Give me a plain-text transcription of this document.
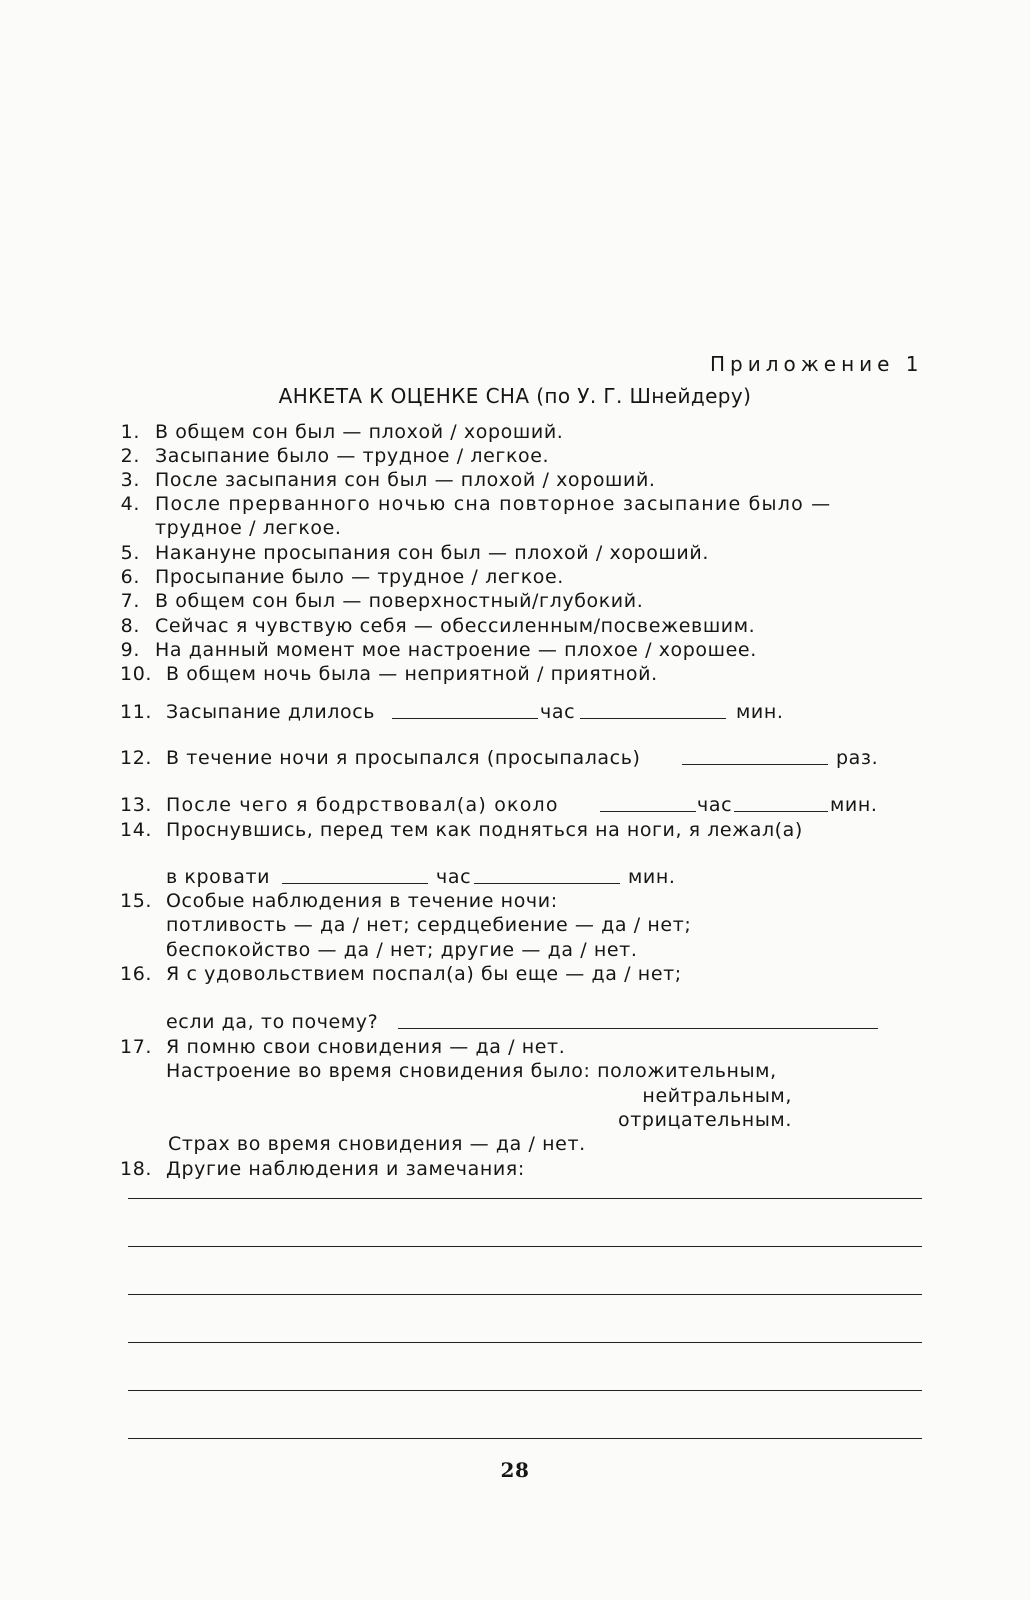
Приложение 1
АНКЕТА К ОЦЕНКЕ СНА (по У. Г. Шнейдеру)
1. В общем сон был — плохой / хороший.
2. Засыпание было — трудное / легкое.
3. После засыпания сон был — плохой / хороший.
4. После прерванного ночью сна повторное засыпание было —
трудное / легкое.
5. Накануне просыпания сон был — плохой / хороший.
6. Просыпание было — трудное / легкое.
7. В общем сон был — поверхностный/глубокий.
8. Сейчас я чувствую себя — обессиленным/посвежевшим.
9. На данный момент мое настроение — плохое / хорошее.
10. В общем ночь была — неприятной / приятной.
11. Засыпание длилось	час	мин.
12. В течение ночи я просыпался (просыпалась)	раз.
13. После чего я бодрствовал(а) около	час	мин.
14. Проснувшись, перед тем как подняться на ноги, я лежал(а)
в кровати	час	мин.
15. Особые наблюдения в течение ночи:
потливость — да / нет; сердцебиение — да / нет;
беспокойство — да / нет; другие — да / нет.
16. Я с удовольствием поспал(а) бы еще — да / нет;
если да, то почему?
17. Я помню свои сновидения — да / нет.
Настроение во время сновидения было: положительным,
нейтральным,
отрицательным.
Страх во время сновидения — да / нет.
18. Другие наблюдения и замечания:
28
